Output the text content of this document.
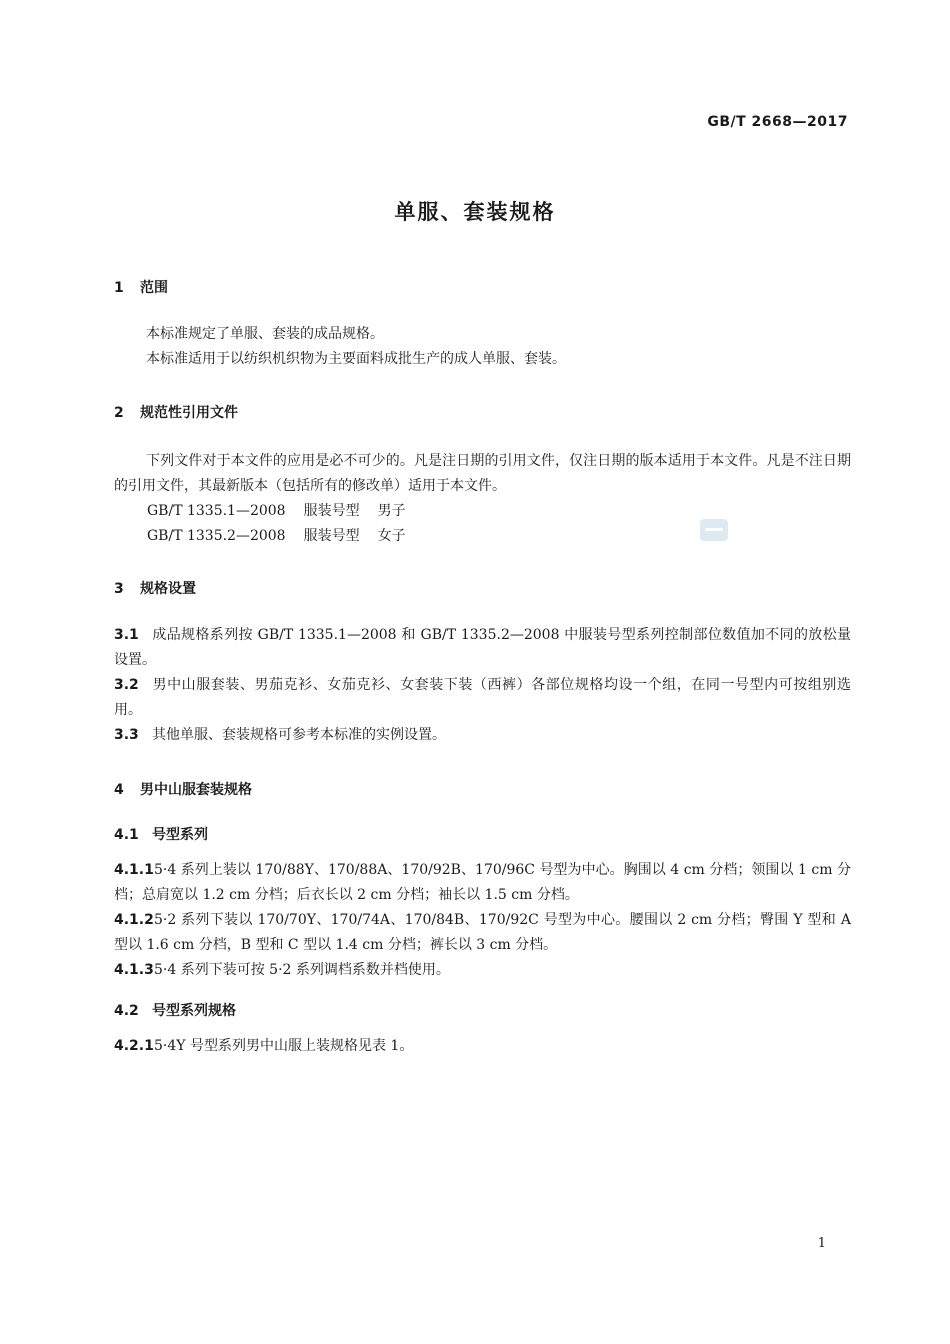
GB/T 2668—2017
单服、套装规格
1 范围

本标准规定了单服、套装的成品规格。

本标准适用于以纺织机织物为主要面料成批生产的成人单服、套装。

2 规范性引用文件

下列文件对于本文件的应用是必不可少的。凡是注日期的引用文件，仅注日期的版本适用于本文件。凡是不注日期的引用文件，其最新版本（包括所有的修改单）适用于本文件。

GB/T 1335.1—2008 服装号型 男子

GB/T 1335.2—2008 服装号型 女子

3 规格设置

3.1 成品规格系列按 GB/T 1335.1—2008 和 GB/T 1335.2—2008 中服装号型系列控制部位数值加不同的放松量设置。

3.2 男中山服套装、男茄克衫、女茄克衫、女套装下装（西裤）各部位规格均设一个组，在同一号型内可按组别选用。

3.3 其他单服、套装规格可参考本标准的实例设置。

4 男中山服套装规格
4.1 号型系列

4.1.15·4 系列上装以 170/88Y、170/88A、170/92B、170/96C 号型为中心。胸围以 4 cm 分档；领围以 1 cm 分档；总肩宽以 1.2 cm 分档；后衣长以 2 cm 分档；袖长以 1.5 cm 分档。

4.1.25·2 系列下装以 170/70Y、170/74A、170/84B、170/92C 号型为中心。腰围以 2 cm 分档；臀围 Y 型和 A 型以 1.6 cm 分档，B 型和 C 型以 1.4 cm 分档；裤长以 3 cm 分档。

4.1.35·4 系列下装可按 5·2 系列调档系数并档使用。

4.2 号型系列规格

4.2.15·4Y 号型系列男中山服上装规格见表 1。

1
